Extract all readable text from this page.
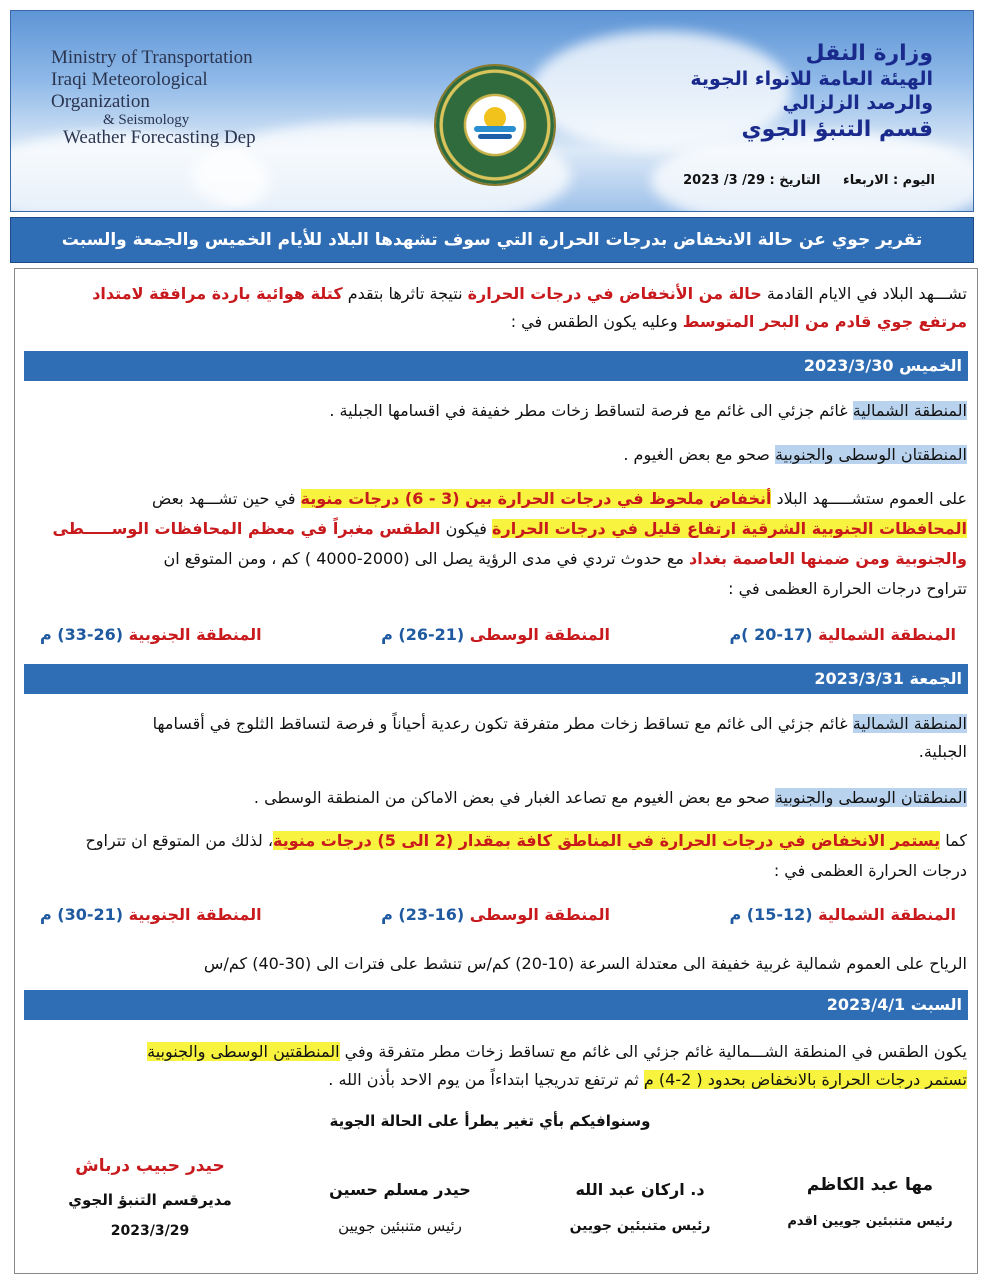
Ministry of Transportation
Iraqi Meteorological Organization
& Seismology
Weather Forecasting Dep
وزارة النقل
الهيئة العامة للانواء الجوية
والرصد الزلزالي
قسم التنبؤ الجوي
اليوم : الاربعاء التاريخ : 29/ 3/ 2023
تقرير جوي عن حالة الانخفاض بدرجات الحرارة التي سوف تشهدها البلاد للأيام الخميس والجمعة والسبت
تشـــهد البلاد في الايام القادمة حالة من الأنخفاض في درجات الحرارة نتيجة تاثرها بتقدم كتلة هوائية باردة مرافقة لامتداد
مرتفع جوي قادم من البحر المتوسط وعليه يكون الطقس في :
الخميس 2023/3/30
المنطقة الشمالية غائم جزئي الى غائم مع فرصة لتساقط زخات مطر خفيفة في اقسامها الجبلية .
المنطقتان الوسطى والجنوبية صحو مع بعض الغيوم .
على العموم ستشـــــهد البلاد أنخفاض ملحوظ في درجات الحرارة بين (3 - 6) درجات منوية في حين تشـــهد بعض
المحافظات الجنوبية الشرقية ارتفاع قليل في درجات الحرارة فيكون الطقس مغبراً في معظم المحافظات الوســـــطى
والجنوبية ومن ضمنها العاصمة بغداد مع حدوث تردي في مدى الرؤية يصل الى (2000-4000 ) كم ، ومن المتوقع ان
تتراوح درجات الحرارة العظمى في :
المنطقة الشمالية (17-20 )م
المنطقة الوسطى (21-26) م
المنطقة الجنوبية (26-33) م
الجمعة 2023/3/31
المنطقة الشمالية غائم جزئي الى غائم مع تساقط زخات مطر متفرقة تكون رعدية أحياناً و فرصة لتساقط الثلوج في أقسامها
الجبلية.
المنطقتان الوسطى والجنوبية صحو مع بعض الغيوم مع تصاعد الغبار في بعض الاماكن من المنطقة الوسطى .
كما يستمر الانخفاض في درجات الحرارة في المناطق كافة بمقدار (2 الى 5) درجات منوية، لذلك من المتوقع ان تتراوح
درجات الحرارة العظمى في :
المنطقة الشمالية (12-15) م
المنطقة الوسطى (16-23) م
المنطقة الجنوبية (21-30) م
الرياح على العموم شمالية غربية خفيفة الى معتدلة السرعة (10-20) كم/س تنشط على فترات الى (30-40) كم/س
السبت 2023/4/1
يكون الطقس في المنطقة الشـــمالية غائم جزئي الى غائم مع تساقط زخات مطر متفرقة وفي المنطقتين الوسطى والجنوبية
تستمر درجات الحرارة بالانخفاض بحدود ( 2-4) م ثم ترتفع تدريجيا ابتداءاً من يوم الاحد بأذن الله .
وسنوافيكم بأي تغير يطرأ على الحالة الجوية
حيدر حبيب درباش
مديرقسم التنبؤ الجوي
2023/3/29
حيدر مسلم حسين
رئيس متنبئين جويين
د. اركان عبد الله
رئيس متنبئين جويين
مها عبد الكاظم
رئيس متنبئين جويين اقدم
